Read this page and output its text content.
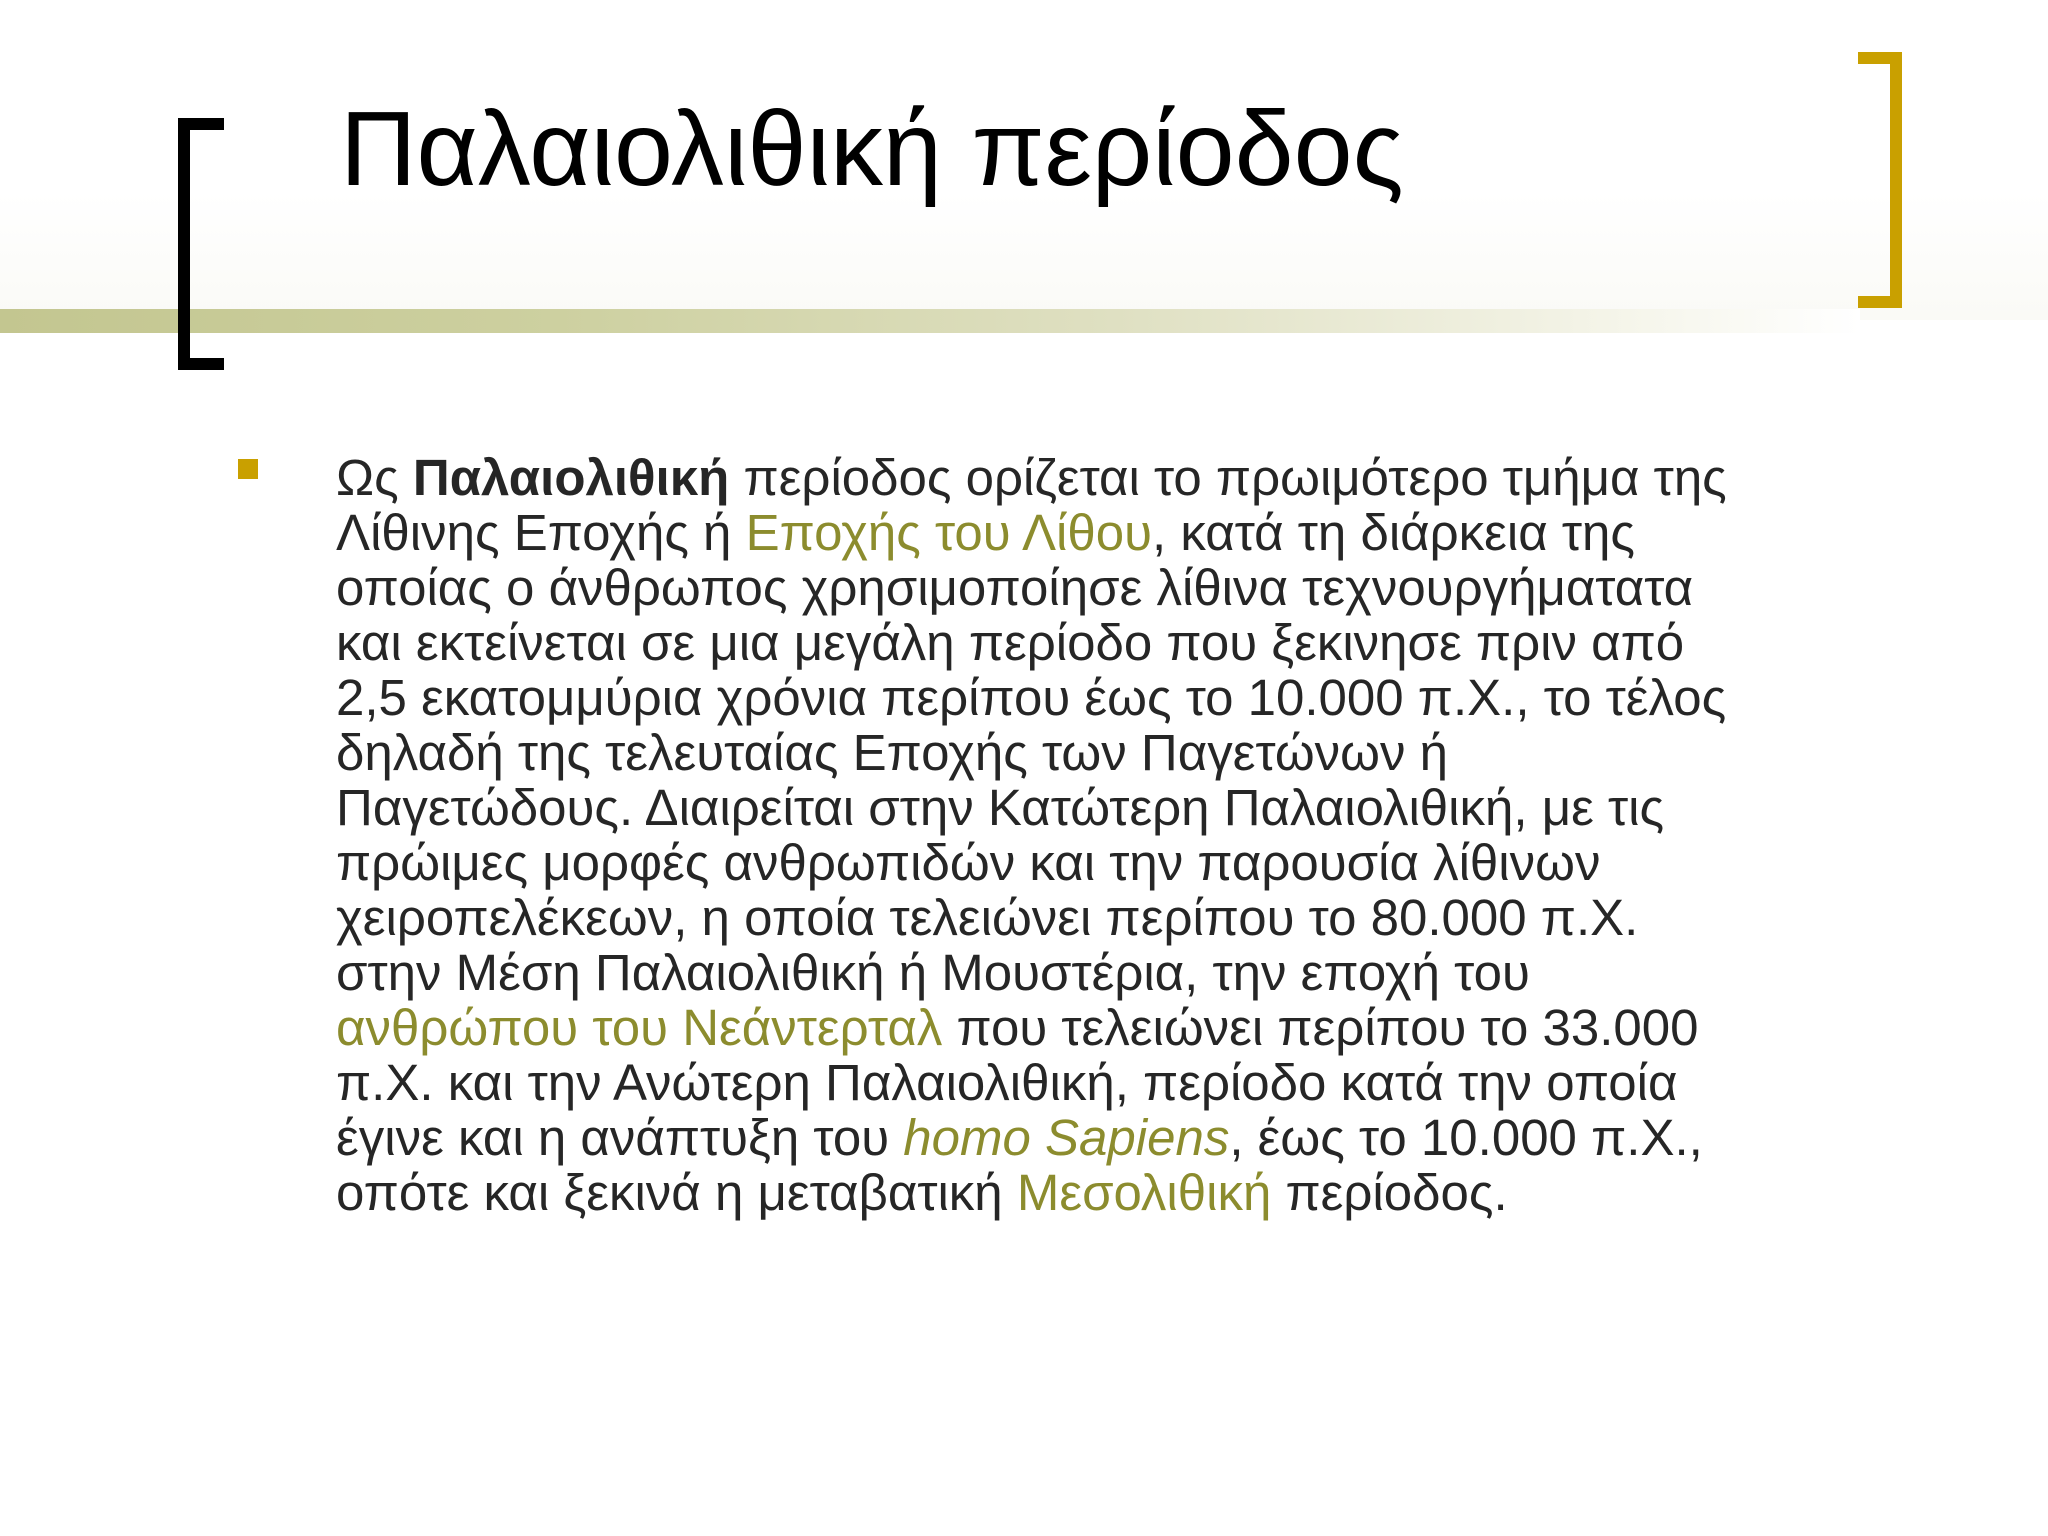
Παλαιολιθική περίοδος
Ως Παλαιολιθική περίοδος ορίζεται το πρωιμότερο τμήμα της
Λίθινης Εποχής ή Εποχής του Λίθου, κατά τη διάρκεια της
οποίας ο άνθρωπος χρησιμοποίησε λίθινα τεχνουργήματατα
και εκτείνεται σε μια μεγάλη περίοδο που ξεκινησε πριν από
2,5 εκατομμύρια χρόνια περίπου έως το 10.000 π.Χ., το τέλος
δηλαδή της τελευταίας Εποχής των Παγετώνων ή
Παγετώδους. Διαιρείται στην Κατώτερη Παλαιολιθική, με τις
πρώιμες μορφές ανθρωπιδών και την παρουσία λίθινων
χειροπελέκεων, η οποία τελειώνει περίπου το 80.000 π.Χ.
στην Μέση Παλαιολιθική ή Μουστέρια, την εποχή του
ανθρώπου του Νεάντερταλ που τελειώνει περίπου το 33.000
π.Χ. και την Ανώτερη Παλαιολιθική, περίοδο κατά την οποία
έγινε και η ανάπτυξη του homo Sapiens, έως το 10.000 π.Χ.,
οπότε και ξεκινά η μεταβατική Μεσολιθική περίοδος.
